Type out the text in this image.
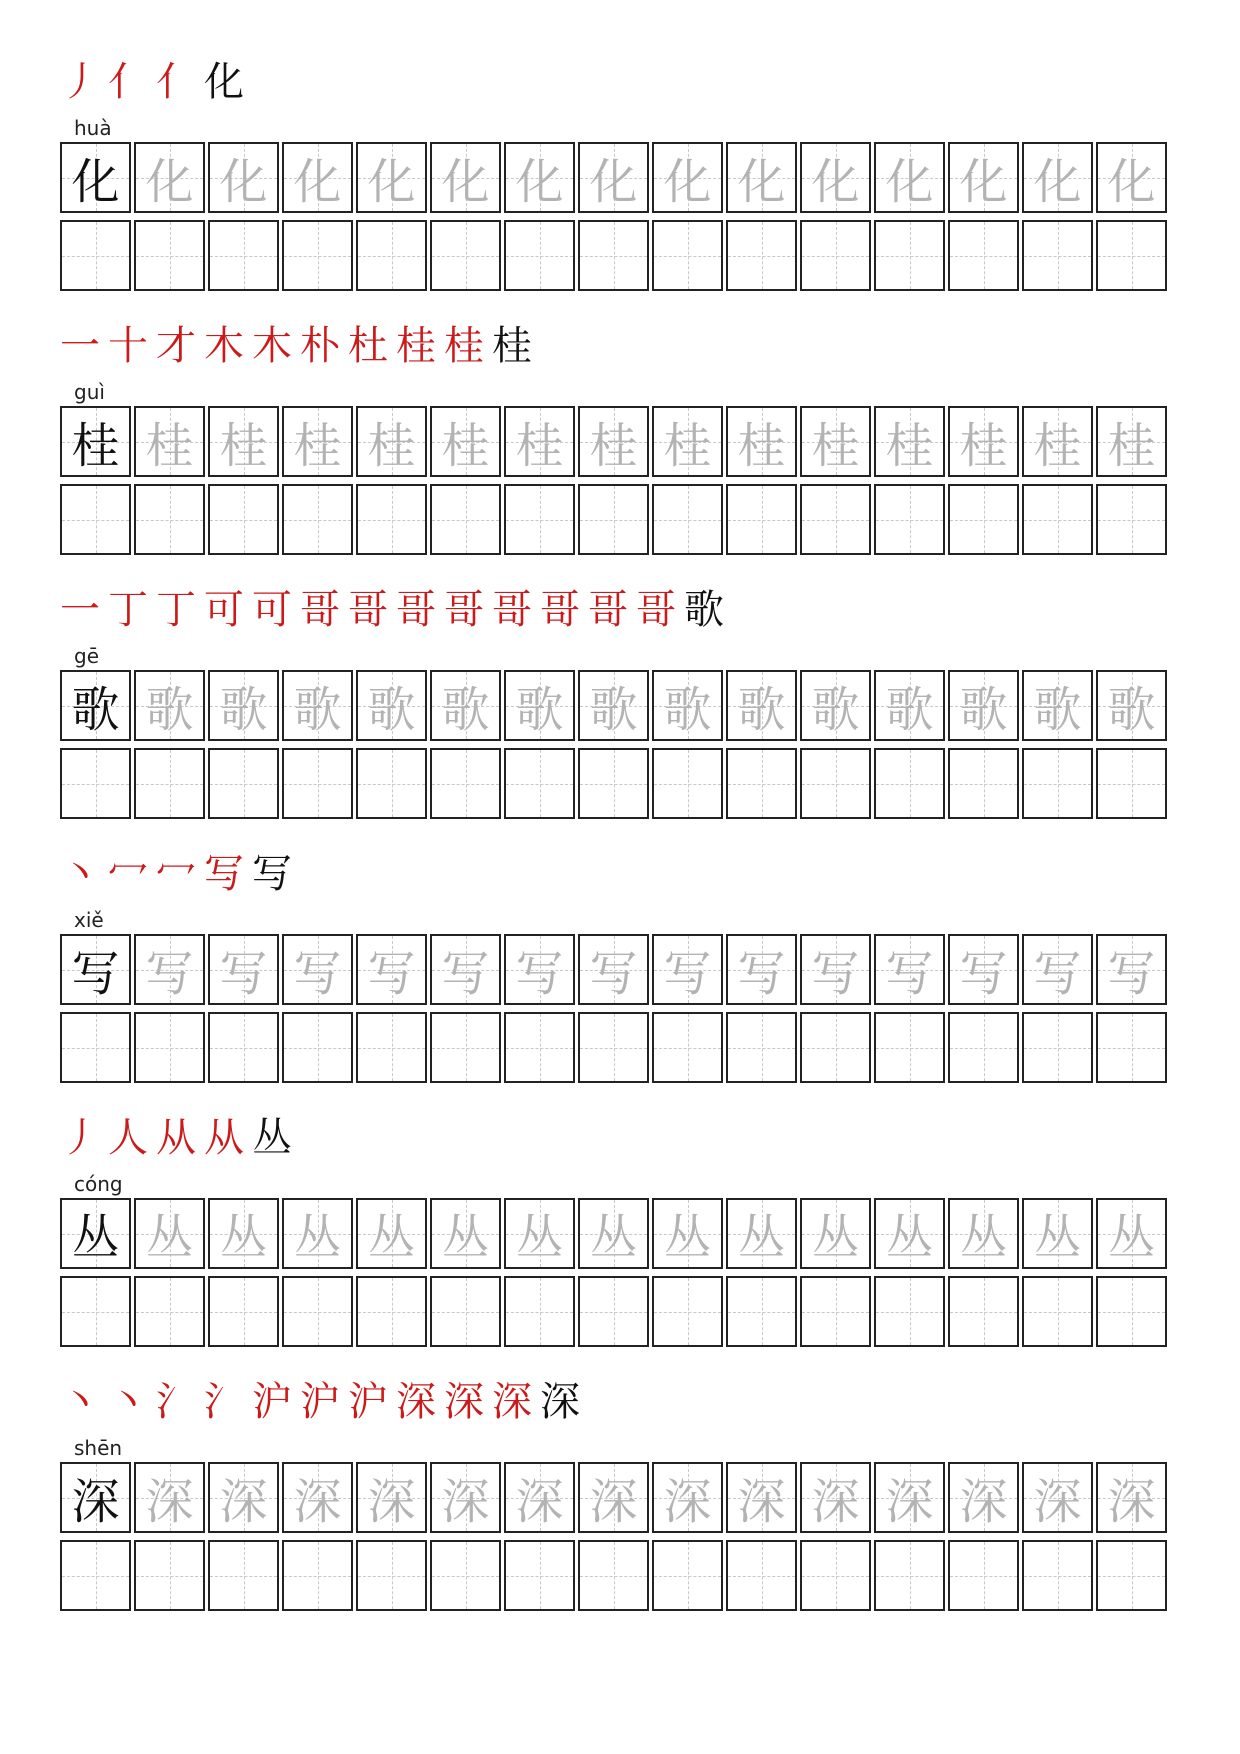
丿 亻 亻 化
huà
化 化 化 化 化 化 化 化 化 化 化 化 化 化 化
一 十 才 木 木 朴 杜 桂 桂 桂
guì
桂 桂 桂 桂 桂 桂 桂 桂 桂 桂 桂 桂 桂 桂 桂
一 丁 丁 可 可 哥 哥 哥 哥 哥 哥 哥 哥 歌
gē
歌 歌 歌 歌 歌 歌 歌 歌 歌 歌 歌 歌 歌 歌 歌
丶 冖 冖 写 写
xiě
写 写 写 写 写 写 写 写 写 写 写 写 写 写 写
丿 人 从 从 丛
cóng
丛 丛 丛 丛 丛 丛 丛 丛 丛 丛 丛 丛 丛 丛 丛
丶 丶 氵 氵 沪 沪 沪 深 深 深 深
shēn
深 深 深 深 深 深 深 深 深 深 深 深 深 深 深
